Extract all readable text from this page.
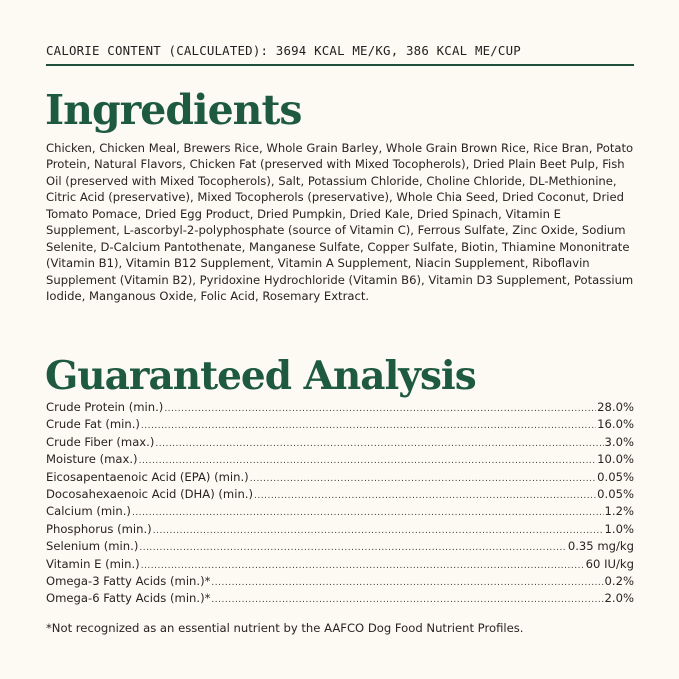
CALORIE CONTENT (CALCULATED): 3694 KCAL ME/KG, 386 KCAL ME/CUP
Ingredients

Chicken, Chicken Meal, Brewers Rice, Whole Grain Barley, Whole Grain Brown Rice, Rice Bran, Potato Protein, Natural Flavors, Chicken Fat (preserved with Mixed Tocopherols), Dried Plain Beet Pulp, Fish Oil (preserved with Mixed Tocopherols), Salt, Potassium Chloride, Choline Chloride, DL-Methionine, Citric Acid (preservative), Mixed Tocopherols (preservative), Whole Chia Seed, Dried Coconut, Dried Tomato Pomace, Dried Egg Product, Dried Pumpkin, Dried Kale, Dried Spinach, Vitamin E Supplement, L-ascorbyl-2-polyphosphate (source of Vitamin C), Ferrous Sulfate, Zinc Oxide, Sodium Selenite, D-Calcium Pantothenate, Manganese Sulfate, Copper Sulfate, Biotin, Thiamine Mononitrate (Vitamin B1), Vitamin B12 Supplement, Vitamin A Supplement, Niacin Supplement, Riboflavin Supplement (Vitamin B2), Pyridoxine Hydrochloride (Vitamin B6), Vitamin D3 Supplement, Potassium Iodide, Manganous Oxide, Folic Acid, Rosemary Extract.

Guaranteed Analysis
Crude Protein (min.) .....	28.0%
Crude Fat (min.) .....	16.0%
Crude Fiber (max.) .....	3.0%
Moisture (max.) .....	10.0%
Eicosapentaenoic Acid (EPA) (min.) .....	0.05%
Docosahexaenoic Acid (DHA) (min.) .....	0.05%
Calcium (min.) .....	1.2%
Phosphorus (min.) .....	1.0%
Selenium (min.) .....	0.35 mg/kg
Vitamin E (min.) .....	60 IU/kg
Omega-3 Fatty Acids (min.)* .....	0.2%
Omega-6 Fatty Acids (min.)* .....	2.0%

*Not recognized as an essential nutrient by the AAFCO Dog Food Nutrient Profiles.
